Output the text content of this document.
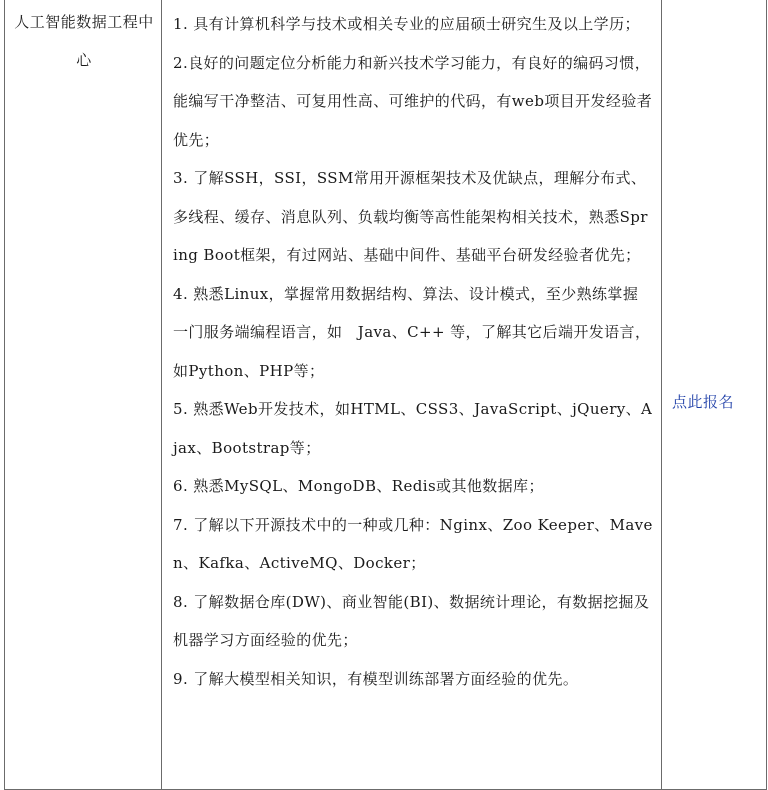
人工智能数据工程中心
1. 具有计算机科学与技术或相关专业的应届硕士研究生及以上学历；
2.良好的问题定位分析能力和新兴技术学习能力，有良好的编码习惯，能编写干净整洁、可复用性高、可维护的代码，有web项目开发经验者优先；
3. 了解SSH，SSI，SSM常用开源框架技术及优缺点，理解分布式、多线程、缓存、消息队列、负载均衡等高性能架构相关技术，熟悉Spring Boot框架，有过网站、基础中间件、基础平台研发经验者优先；
4. 熟悉Linux，掌握常用数据结构、算法、设计模式，至少熟练掌握一门服务端编程语言，如　Java、C++ 等，了解其它后端开发语言，如Python、PHP等；
5. 熟悉Web开发技术，如HTML、CSS3、JavaScript、jQuery、Ajax、Bootstrap等；
6. 熟悉MySQL、MongoDB、Redis或其他数据库；
7. 了解以下开源技术中的一种或几种：Nginx、Zoo Keeper、Maven、Kafka、ActiveMQ、Docker；
8. 了解数据仓库(DW)、商业智能(BI)、数据统计理论，有数据挖掘及机器学习方面经验的优先；
9. 了解大模型相关知识，有模型训练部署方面经验的优先。
点此报名
